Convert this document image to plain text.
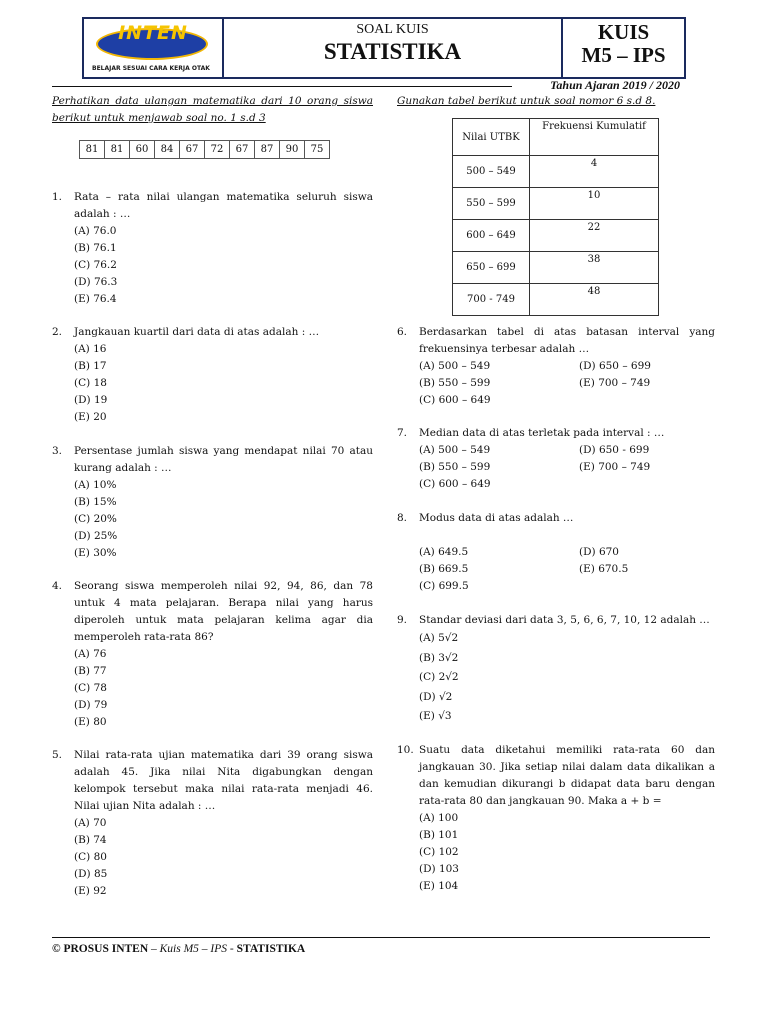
INTEN
BELAJAR SESUAI CARA KERJA OTAK
SOAL KUIS
STATISTIKA
KUIS
M5 – IPS
Tahun Ajaran 2019 / 2020
Perhatikan data ulangan matematika dari 10 orang siswa berikut untuk menjawab soal no. 1 s.d 3
81	81	60	84	67	72	67	87	90	75
Gunakan tabel berikut untuk soal nomor 6 s.d 8.
Nilai UTBK	Frekuensi Kumulatif
500 – 549	4
550 – 599	10
600 – 649	22
650 – 699	38
700 - 749	48
1. Rata – rata nilai ulangan matematika seluruh siswa adalah : …
(A) 76.0
(B) 76.1
(C) 76.2
(D) 76.3
(E) 76.4
2. Jangkauan kuartil dari data di atas adalah : …
(A) 16
(B) 17
(C) 18
(D) 19
(E) 20
3. Persentase jumlah siswa yang mendapat nilai 70 atau kurang adalah : …
(A) 10%
(B) 15%
(C) 20%
(D) 25%
(E) 30%
4. Seorang siswa memperoleh nilai 92, 94, 86, dan 78 untuk 4 mata pelajaran. Berapa nilai yang harus diperoleh untuk mata pelajaran kelima agar dia memperoleh rata-rata 86?
(A) 76
(B) 77
(C) 78
(D) 79
(E) 80
5. Nilai rata-rata ujian matematika dari 39 orang siswa adalah 45. Jika nilai Nita digabungkan dengan kelompok tersebut maka nilai rata-rata menjadi 46. Nilai ujian Nita adalah : …
(A) 70
(B) 74
(C) 80
(D) 85
(E) 92
6. Berdasarkan tabel di atas batasan interval yang frekuensinya terbesar adalah …
(A) 500 – 549	(D) 650 – 699
(B) 550 – 599	(E) 700 – 749
(C) 600 – 649
7. Median data di atas terletak pada interval : …
(A) 500 – 549	(D) 650 - 699
(B) 550 – 599	(E) 700 – 749
(C) 600 – 649
8. Modus data di atas adalah …
(A) 649.5	(D) 670
(B) 669.5	(E) 670.5
(C) 699.5
9. Standar deviasi dari data 3, 5, 6, 6, 7, 10, 12 adalah …
(A) 5√2
(B) 3√2
(C) 2√2
(D) √2
(E) √3
10. Suatu data diketahui memiliki rata-rata 60 dan jangkauan 30. Jika setiap nilai dalam data dikalikan a dan kemudian dikurangi b didapat data baru dengan rata-rata 80 dan jangkauan 90. Maka a + b =
(A) 100
(B) 101
(C) 102
(D) 103
(E) 104
© PROSUS INTEN – Kuis M5 – IPS - STATISTIKA
